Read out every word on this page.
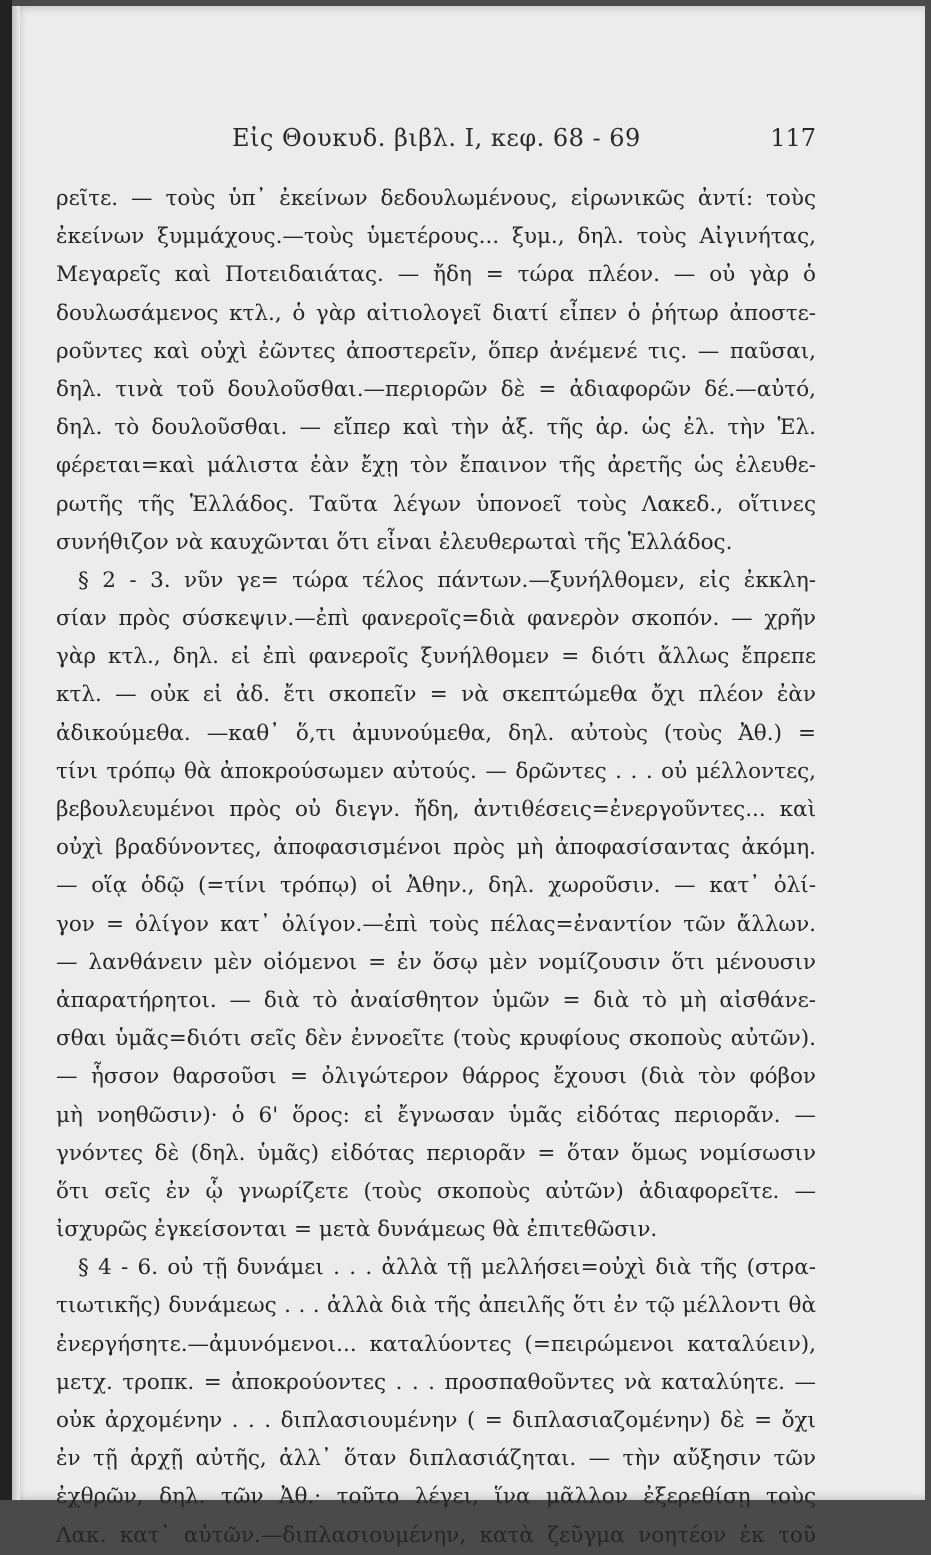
Εἰς Θουκυδ. βιβλ. I, κεφ. 68 - 69	117
ρεῖτε. — τοὺς ὑπ᾽ ἐκείνων δεδουλωμένους, εἰρωνικῶς ἀντί: τοὺς
ἐκείνων ξυμμάχους.—τοὺς ὑμετέρους... ξυμ., δηλ. τοὺς Αἰγινήτας,
Μεγαρεῖς καὶ Ποτειδαιάτας. — ἤδη = τώρα πλέον. — οὐ γὰρ ὁ
δουλωσάμενος κτλ., ὁ γὰρ αἰτιολογεῖ διατί εἶπεν ὁ ῥήτωρ ἀποστε-
ροῦντες καὶ οὐχὶ ἐῶντες ἀποστερεῖν, ὅπερ ἀνέμενέ τις. — παῦσαι,
δηλ. τινὰ τοῦ δουλοῦσθαι.—περιορῶν δὲ = ἀδιαφορῶν δέ.—αὐτό,
δηλ. τὸ δουλοῦσθαι. — εἴπερ καὶ τὴν ἀξ. τῆς ἀρ. ὡς ἐλ. τὴν Ἑλ.
φέρεται=καὶ μάλιστα ἐὰν ἔχῃ τὸν ἔπαινον τῆς ἀρετῆς ὡς ἐλευθε-
ρωτῆς τῆς Ἑλλάδος. Ταῦτα λέγων ὑπονοεῖ τοὺς Λακεδ., οἵτινες
συνήθιζον νὰ καυχῶνται ὅτι εἶναι ἐλευθερωταὶ τῆς Ἑλλάδος.
§ 2 - 3. νῦν γε= τώρα τέλος πάντων.—ξυνήλθομεν, εἰς ἐκκλη-
σίαν πρὸς σύσκεψιν.—ἐπὶ φανεροῖς=διὰ φανερὸν σκοπόν. — χρῆν
γὰρ κτλ., δηλ. εἰ ἐπὶ φανεροῖς ξυνήλθομεν = διότι ἄλλως ἔπρεπε
κτλ. — οὐκ εἰ ἀδ. ἔτι σκοπεῖν = νὰ σκεπτώμεθα ὄχι πλέον ἐὰν
ἀδικούμεθα. —καθ᾽ ὅ,τι ἀμυνούμεθα, δηλ. αὐτοὺς (τοὺς Ἀθ.) =
τίνι τρόπῳ θὰ ἀποκρούσωμεν αὐτούς. — δρῶντες . . . οὐ μέλλοντες,
βεβουλευμένοι πρὸς οὐ διεγν. ἤδη, ἀντιθέσεις=ἐνεργοῦντες... καὶ
οὐχὶ βραδύνοντες, ἀποφασισμένοι πρὸς μὴ ἀποφασίσαντας ἀκόμη.
— οἵᾳ ὁδῷ (=τίνι τρόπῳ) οἱ Ἀθην., δηλ. χωροῦσιν. — κατ᾽ ὀλί-
γον = ὀλίγον κατ᾽ ὀλίγον.—ἐπὶ τοὺς πέλας=ἐναντίον τῶν ἄλλων.
— λανθάνειν μὲν οἰόμενοι = ἐν ὅσῳ μὲν νομίζουσιν ὅτι μένουσιν
ἀπαρατήρητοι. — διὰ τὸ ἀναίσθητον ὑμῶν = διὰ τὸ μὴ αἰσθάνε-
σθαι ὑμᾶς=διότι σεῖς δὲν ἐννοεῖτε (τοὺς κρυφίους σκοποὺς αὐτῶν).
— ἧσσον θαρσοῦσι = ὀλιγώτερον θάρρος ἔχουσι (διὰ τὸν φόβον
μὴ νοηθῶσιν)· ὁ 6' ὅρος: εἰ ἔγνωσαν ὑμᾶς εἰδότας περιορᾶν. —
γνόντες δὲ (δηλ. ὑμᾶς) εἰδότας περιορᾶν = ὅταν ὅμως νομίσωσιν
ὅτι σεῖς ἐν ᾧ γνωρίζετε (τοὺς σκοποὺς αὐτῶν) ἀδιαφορεῖτε. —
ἰσχυρῶς ἐγκείσονται = μετὰ δυνάμεως θὰ ἐπιτεθῶσιν.
§ 4 - 6. οὐ τῇ δυνάμει . . . ἀλλὰ τῇ μελλήσει=οὐχὶ διὰ τῆς (στρα-
τιωτικῆς) δυνάμεως . . . ἀλλὰ διὰ τῆς ἀπειλῆς ὅτι ἐν τῷ μέλλοντι θὰ
ἐνεργήσητε.—ἀμυνόμενοι... καταλύοντες (=πειρώμενοι καταλύειν),
μετχ. τροπκ. = ἀποκρούοντες . . . προσπαθοῦντες νὰ καταλύητε. —
οὐκ ἀρχομένην . . . διπλασιουμένην ( = διπλασιαζομένην) δὲ = ὄχι
ἐν τῇ ἀρχῇ αὐτῆς, ἀλλ᾽ ὅταν διπλασιάζηται. — τὴν αὔξησιν τῶν
ἐχθρῶν, δηλ. τῶν Ἀθ.· τοῦτο λέγει, ἵνα μᾶλλον ἐξερεθίσῃ τοὺς
Λακ. κατ᾽ αὐτῶν.—διπλασιουμένην, κατὰ ζεῦγμα νοητέον ἐκ τοῦ
